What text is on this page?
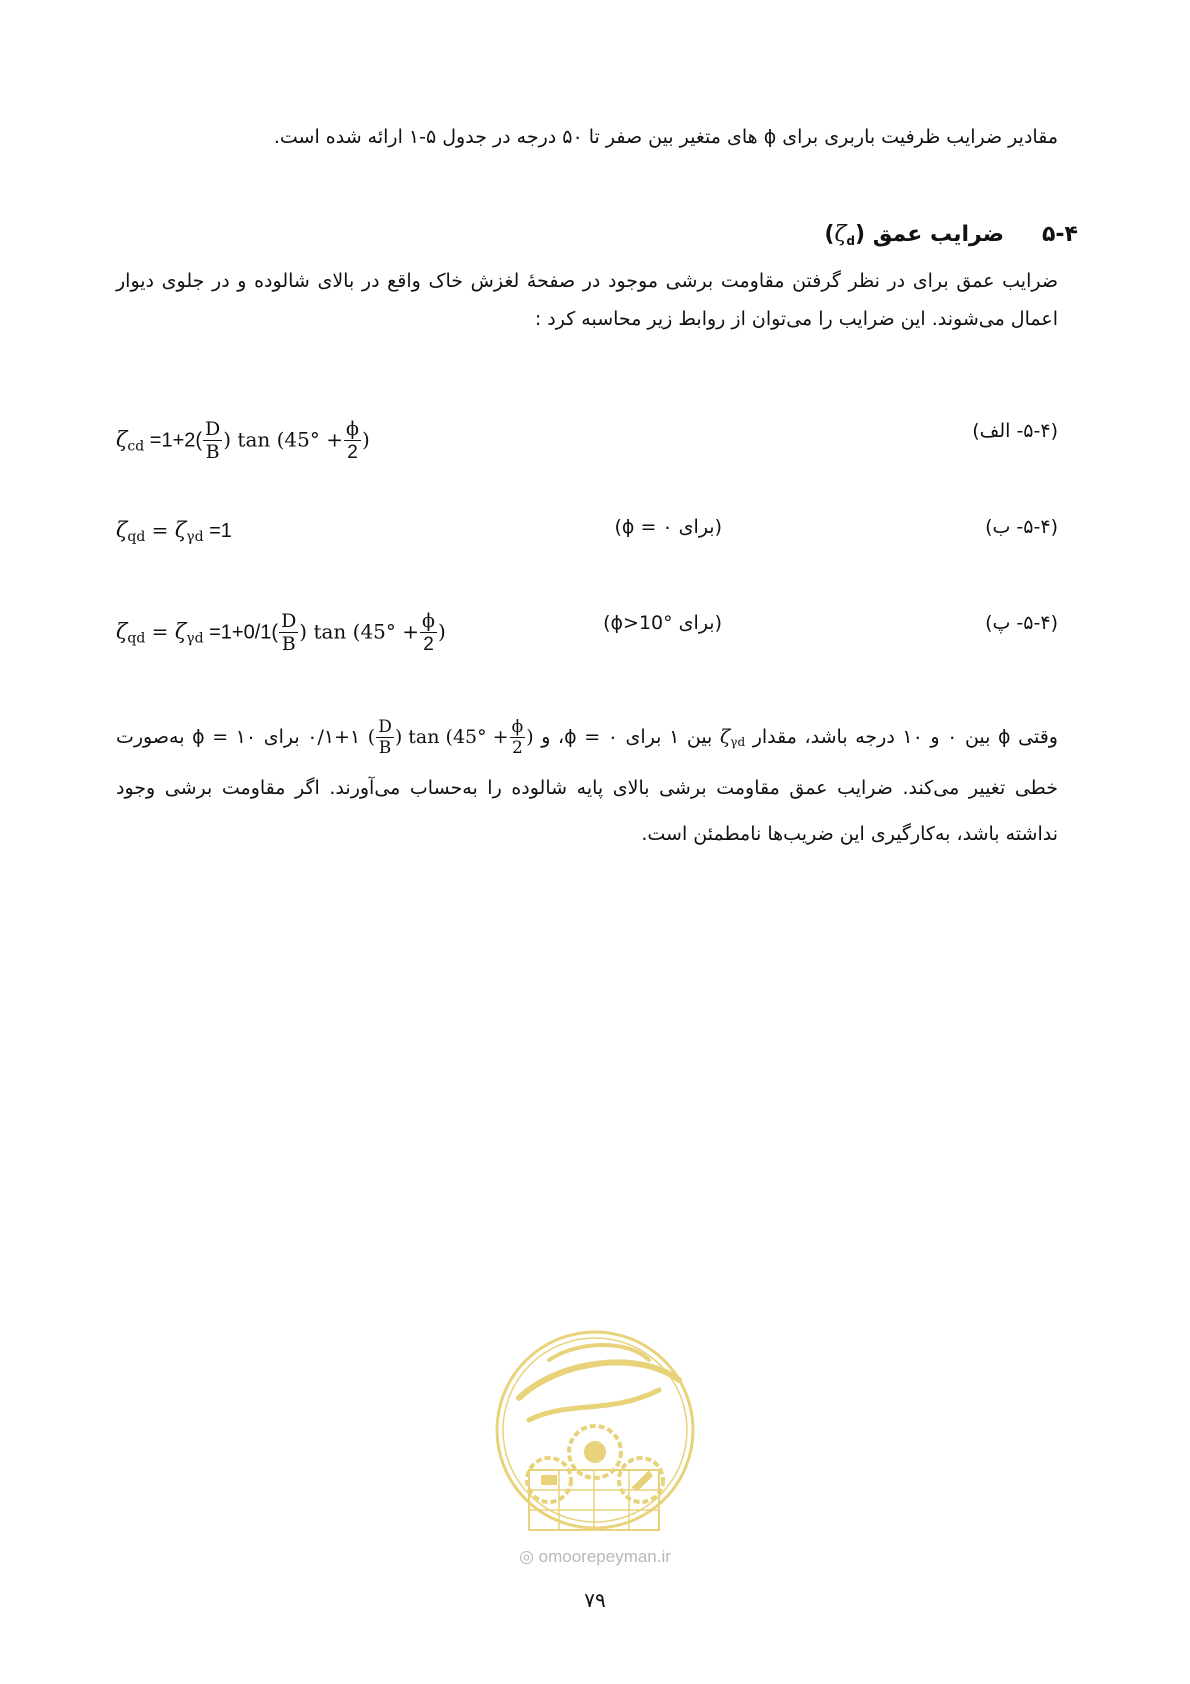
مقادیر ضرایب ظرفیت باربری برای ϕ های متغیر بین صفر تا ۵۰ درجه در جدول ۵-۱ ارائه شده است.
۵-۴ضرایب عمق $(\zeta_d)$
ضرایب عمق برای در نظر گرفتن مقاومت برشی موجود در صفحهٔ لغزش خاک واقع در بالای شالوده و در جلوی دیوار اعمال می‌شوند. این ضرایب را می‌توان از روابط زیر محاسبه کرد :
$\zeta_{cd} =1+2( \frac{D}{B}$ ) $\tan (45^\circ + \frac{\phi}{2}$ )	(۵-۴- الف)
$\zeta_{qd} = \zeta_{\gamma d} =1$	(برای ϕ = ۰)	(۵-۴- ب)
$\zeta_{qd} = \zeta_{\gamma d} =1+0/1( \frac{D}{B}$ ) $\tan (45^\circ + \frac{\phi}{2}$ )	(برای ϕ>10°)	(۵-۴- پ)
وقتی ϕ بین ۰ و ۱۰ درجه باشد، مقدار ζγd بین ۱ برای ۰ = ϕ، و ( $\frac{D}{B}$ ) $\tan (45^\circ + \frac{\phi}{2}$ ) ۱+۰/۱ برای ۱۰ = ϕ به‌صورت خطی تغییر می‌کند. ضرایب عمق مقاومت برشی بالای پایه شالوده را به‌حساب می‌آورند. اگر مقاومت برشی وجود نداشته باشد، به‌کارگیری این ضریب‌ها نامطمئن است.
◎ omoorepeyman.ir
۷۹
